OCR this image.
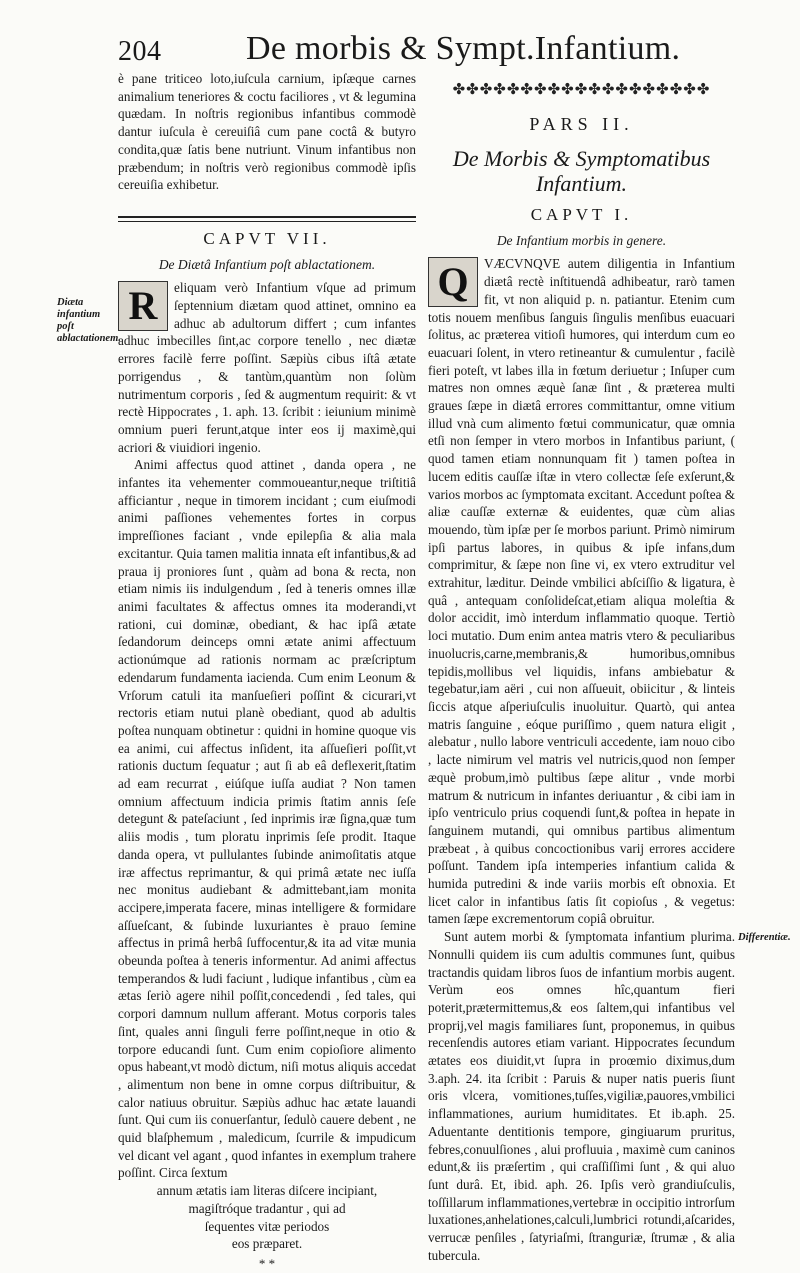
204 De morbis & Sympt.Infantium.
Diæta infantium poſt ablactationem.
Differentiæ.

è pane triticeo loto,iuſcula carnium, ipſæque carnes animalium teneriores & coctu faciliores , vt & legumina quædam. In noſtris regionibus infantibus commodè dantur iuſcula è cereuiſiâ cum pane coctâ & butyro condita,quæ ſatis bene nutriunt. Vinum infantibus non præbendum; in noſtris verò regionibus commodè ipſis cereuiſia exhibetur.

CAPVT VII.
De Diætâ Infantium poſt ablactationem.

R	eliquam verò Infantium vſque ad primum ſeptennium diætam quod attinet, omnino ea adhuc ab adultorum differt ; cum infantes adhuc imbecilles ſint,ac corpore tenello , nec diætæ errores facilè ferre poſſint. Sæpiùs cibus iſtâ ætate porrigendus , & tantùm,quantùm non ſolùm nutrimentum corporis , ſed & augmentum requirit: & vt rectè Hippocrates , 1. aph. 13. ſcribit : ieiunium minimè omnium pueri ferunt,atque inter eos ij maximè,qui acriori & viuidiori ingenio.

Animi affectus quod attinet , danda opera , ne infantes ita vehementer commoueantur,neque triſtitiâ afficiantur , neque in timorem incidant ; cum eiuſmodi animi paſſiones vehementes fortes in corpus impreſſiones faciant , vnde epilepſia & alia mala excitantur. Quia tamen malitia innata eſt infantibus,& ad praua ij proniores ſunt , quàm ad bona & recta, non etiam nimis iis indulgendum , ſed à teneris omnes illæ animi facultates & affectus omnes ita moderandi,vt rationi, cui dominæ, obediant, & hac ipſâ ætate ſedandorum deinceps omni ætate animi affectuum actionúmque ad rationis normam ac præſcriptum edendarum fundamenta iacienda. Cum enim Leonum & Vrſorum catuli ita manſueſieri poſſint & cicurari,vt rectoris etiam nutui planè obediant, quod ab adultis poſtea nunquam obtinetur : quidni in homine quoque vis ea animi, cui affectus inſident, ita aſſueſieri poſſit,vt rationis ductum ſequatur ; aut ſi ab eâ deflexerit,ſtatim ad eam recurrat , eiúſque iuſſa audiat ? Non tamen omnium affectuum indicia primis ſtatim annis ſeſe detegunt & pateſaciunt , ſed inprimis iræ ſigna,quæ tum aliis modis , tum ploratu inprimis ſeſe prodit. Itaque danda opera, vt pullulantes ſubinde animoſitatis atque iræ affectus reprimantur, & qui primâ ætate nec iuſſa nec monitus audiebant & admittebant,iam monita accipere,imperata facere, minas intelligere & formidare aſſueſcant, & ſubinde luxuriantes è prauo ſemine affectus in primâ herbâ ſuffocentur,& ita ad vitæ munia obeunda poſtea à teneris informentur. Ad animi affectus temperandos & ludi faciunt , ludique infantibus , cùm ea ætas ſeriò agere nihil poſſit,concedendi , ſed tales, qui corpori damnum nullum afferant. Motus corporis tales ſint, quales anni ſinguli ferre poſſint,neque in otio & torpore educandi ſunt. Cum enim copioſiore alimento opus habeant,vt modò dictum, niſi motus aliquis accedat , alimentum non bene in omne corpus diſtribuitur, & calor natiuus obruitur. Sæpiùs adhuc hac ætate lauandi ſunt. Qui cum iis conuerſantur, ſedulò cauere debent , ne quid blaſphemum , maledicum, ſcurrile & impudicum vel dicant vel agant , quod infantes in exemplum trahere poſſint. Circa ſextum

annum ætatis iam literas diſcere incipiant,
magiſtróque tradantur , qui ad
ſequentes vitæ periodos
eos præparet.
* *
✤✤✤✤✤✤✤✤✤✤✤✤✤✤✤✤✤✤✤
PARS II.
De Morbis & Symptomatibus
Infantium.
CAPVT I.
De Infantium morbis in genere.

Q	VÆCVNQVE autem diligentia in Infantium diætâ rectè inſtituendâ adhibeatur, rarò tamen fit, vt non aliquid p. n. patiantur. Etenim cum totis nouem menſibus ſanguis ſingulis menſibus euacuari ſolitus, ac præterea vitioſi humores, qui interdum cum eo euacuari ſolent, in vtero retineantur & cumulentur , facilè fieri poteſt, vt labes illa in fœtum deriuetur ; Inſuper cum matres non omnes æquè ſanæ ſint , & præterea multi graues ſæpe in diætâ errores committantur, omne vitium illud vnà cum alimento fœtui communicatur, quæ omnia etſi non ſemper in vtero morbos in Infantibus pariunt, ( quod tamen etiam nonnunquam fit ) tamen poſtea in lucem editis cauſſæ iſtæ in vtero collectæ ſeſe exſerunt,& varios morbos ac ſymptomata excitant. Accedunt poſtea & aliæ cauſſæ externæ & euidentes, quæ cùm alias mouendo, tùm ipſæ per ſe morbos pariunt. Primò nimirum ipſi partus labores, in quibus & ipſe infans,dum comprimitur, & ſæpe non ſine vi, ex vtero extruditur vel extrahitur, læditur. Deinde vmbilici abſciſſio & ligatura, è quâ , antequam conſolideſcat,etiam aliqua moleſtia & dolor accidit, imò interdum inflammatio quoque. Tertiò loci mutatio. Dum enim antea matris vtero & peculiaribus inuolucris,carne,membranis,& humoribus,omnibus tepidis,mollibus vel liquidis, infans ambiebatur & tegebatur,iam aëri , cui non aſſueuit, obiicitur , & linteis ſiccis atque aſperiuſculis inuoluitur. Quartò, qui antea matris ſanguine , eóque puriſſimo , quem natura eligit , alebatur , nullo labore ventriculi accedente, iam nouo cibo , lacte nimirum vel matris vel nutricis,quod non ſemper æquè probum,imò pultibus ſæpe alitur , vnde morbi matrum & nutricum in infantes deriuantur , & cibi iam in ipſo ventriculo prius coquendi ſunt,& poſtea in hepate in ſanguinem mutandi, qui omnibus partibus alimentum præbeat , à quibus concoctionibus varij errores accidere poſſunt. Tandem ipſa intemperies infantium calida & humida putredini & inde variis morbis eſt obnoxia. Et licet calor in infantibus ſatis ſit copioſus , & vegetus: tamen ſæpe excrementorum copiâ obruitur.

Sunt autem morbi & ſymptomata infantium plurima. Nonnulli quidem iis cum adultis communes ſunt, quibus tractandis quidam libros ſuos de infantium morbis augent. Verùm eos omnes hîc,quantum fieri poterit,prætermittemus,& eos ſaltem,qui infantibus vel proprij,vel magis familiares ſunt, proponemus, in quibus recenſendis autores etiam variant. Hippocrates ſecundum ætates eos diuidit,vt ſupra in proœmio diximus,dum 3.aph. 24. ita ſcribit : Paruis & nuper natis pueris ſiunt oris vlcera, vomitiones,tuſſes,vigiliæ,pauores,vmbilici inflammationes, aurium humiditates. Et ib.aph. 25. Aduentante dentitionis tempore, gingiuarum pruritus, febres,conuulſiones , alui profluuia , maximè cum caninos edunt,& iis præſertim , qui craſſiſſimi ſunt , & qui aluo ſunt durâ. Et, ibid. aph. 26. Ipſis verò grandiuſculis, toſſillarum inflammationes,vertebræ in occipitio introrſum luxationes,anhelationes,calculi,lumbrici rotundi,aſcarides, verrucæ penſiles , ſatyriaſmi, ſtranguriæ, ſtrumæ , & alia tubercula.
